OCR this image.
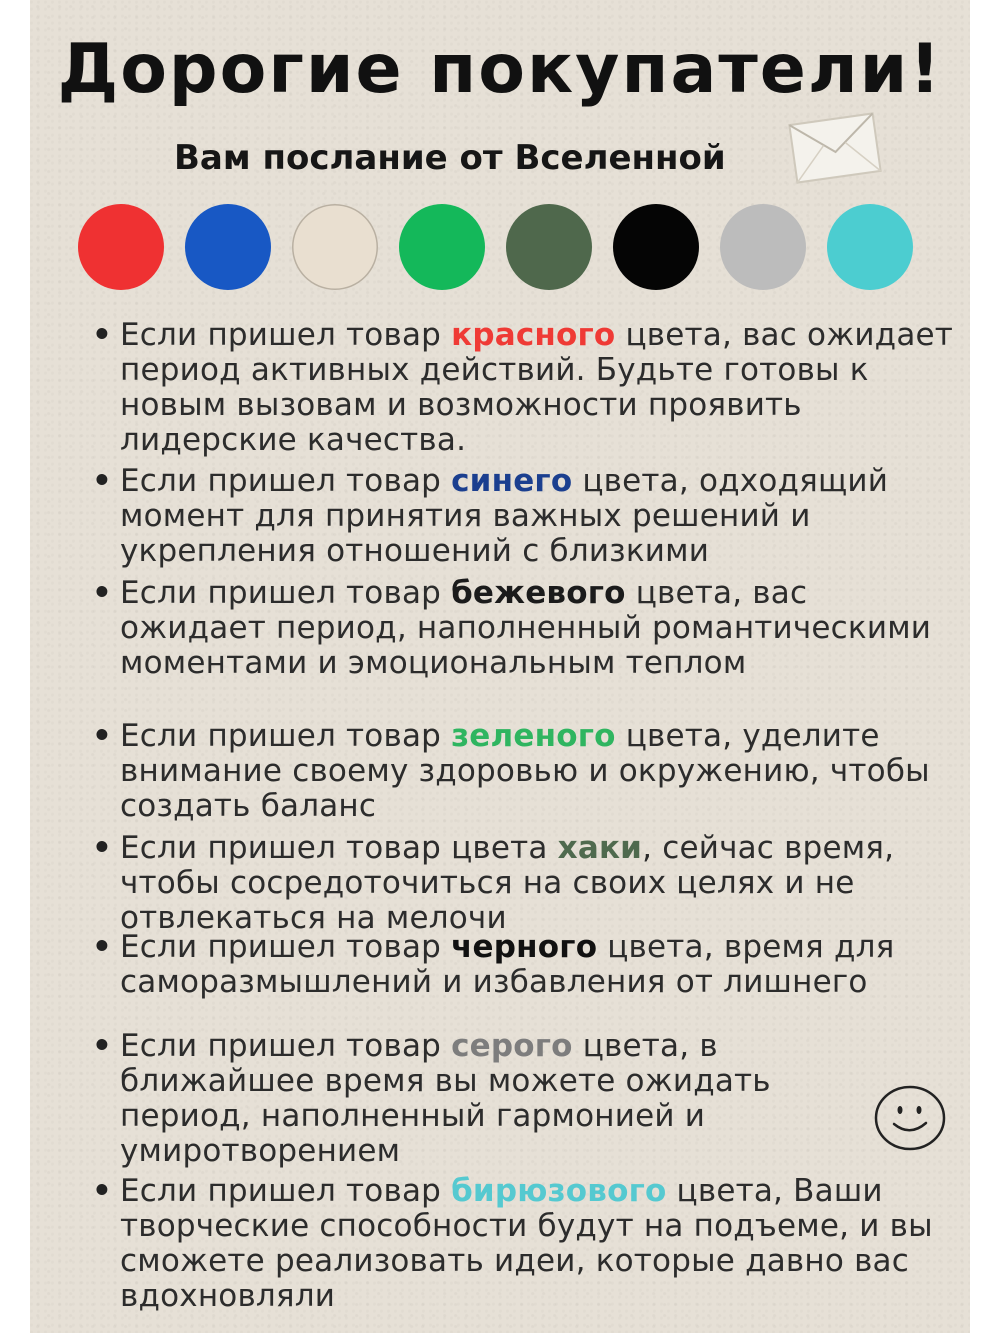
Дорогие покупатели!
Вам послание от Вселенной
• Если пришел товар красного цвета, вас ожидает период активных действий. Будьте готовы к новым вызовам и возможности проявить лидерские качества.
• Если пришел товар синего цвета, одходящий момент для принятия важных решений и укрепления отношений с близкими
• Если пришел товар бежевого цвета, вас ожидает период, наполненный романтическими моментами и эмоциональным теплом
• Если пришел товар зеленого цвета, уделите внимание своему здоровью и окружению, чтобы создать баланс
• Если пришел товар цвета хаки, сейчас время, чтобы сосредоточиться на своих целях и не отвлекаться на мелочи
• Если пришел товар черного цвета, время для саморазмышлений и избавления от лишнего
• Если пришел товар серого цвета, в ближайшее время вы можете ожидать период, наполненный гармонией и умиротворением
• Если пришел товар бирюзового цвета, Ваши творческие способности будут на подъеме, и вы сможете реализовать идеи, которые давно вас вдохновляли
